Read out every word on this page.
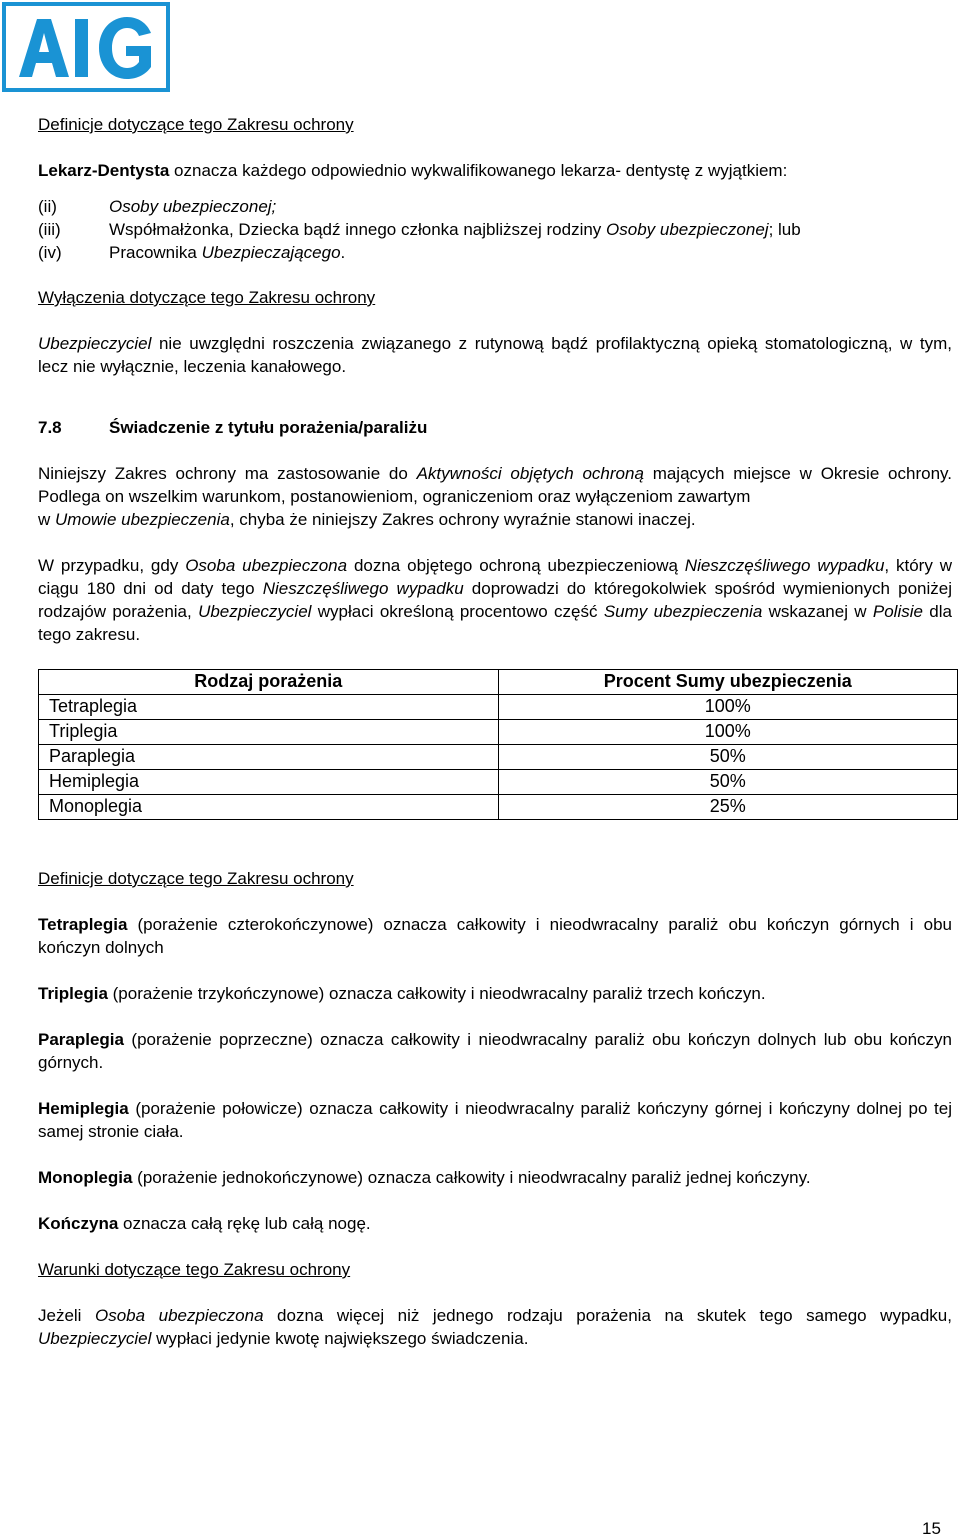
Definicje dotyczące tego Zakresu ochrony

Lekarz-Dentysta oznacza każdego odpowiednio wykwalifikowanego lekarza- dentystę z wyjątkiem:

(ii)	Osoby ubezpieczonej;
(iii)	Współmałżonka, Dziecka bądź innego członka najbliższej rodziny Osoby ubezpieczonej; lub
(iv)	Pracownika Ubezpieczającego.

Wyłączenia dotyczące tego Zakresu ochrony

Ubezpieczyciel nie uwzględni roszczenia związanego z rutynową bądź profilaktyczną opieką stomatologiczną, w tym, lecz nie wyłącznie, leczenia kanałowego.

7.8	Świadczenie z tytułu porażenia/paraliżu

Niniejszy Zakres ochrony ma zastosowanie do Aktywności objętych ochroną mających miejsce w Okresie ochrony. Podlega on wszelkim warunkom, postanowieniom, ograniczeniom oraz wyłączeniom zawartym
w Umowie ubezpieczenia, chyba że niniejszy Zakres ochrony wyraźnie stanowi inaczej.

W przypadku, gdy Osoba ubezpieczona dozna objętego ochroną ubezpieczeniową Nieszczęśliwego wypadku, który w ciągu 180 dni od daty tego Nieszczęśliwego wypadku doprowadzi do któregokolwiek spośród wymienionych poniżej rodzajów porażenia, Ubezpieczyciel wypłaci określoną procentowo część Sumy ubezpieczenia wskazanej w Polisie dla tego zakresu.

Rodzaj porażenia	Procent Sumy ubezpieczenia
Tetraplegia	100%
Triplegia	100%
Paraplegia	50%
Hemiplegia	50%
Monoplegia	25%

Definicje dotyczące tego Zakresu ochrony

Tetraplegia (porażenie czterokończynowe) oznacza całkowity i nieodwracalny paraliż obu kończyn górnych i obu kończyn dolnych

Triplegia (porażenie trzykończynowe) oznacza całkowity i nieodwracalny paraliż trzech kończyn.

Paraplegia (porażenie poprzeczne) oznacza całkowity i nieodwracalny paraliż obu kończyn dolnych lub obu kończyn górnych.

Hemiplegia (porażenie połowicze) oznacza całkowity i nieodwracalny paraliż kończyny górnej i kończyny dolnej po tej samej stronie ciała.

Monoplegia (porażenie jednokończynowe) oznacza całkowity i nieodwracalny paraliż jednej kończyny.

Kończyna oznacza całą rękę lub całą nogę.

Warunki dotyczące tego Zakresu ochrony

Jeżeli Osoba ubezpieczona dozna więcej niż jednego rodzaju porażenia na skutek tego samego wypadku, Ubezpieczyciel wypłaci jedynie kwotę największego świadczenia.

15
